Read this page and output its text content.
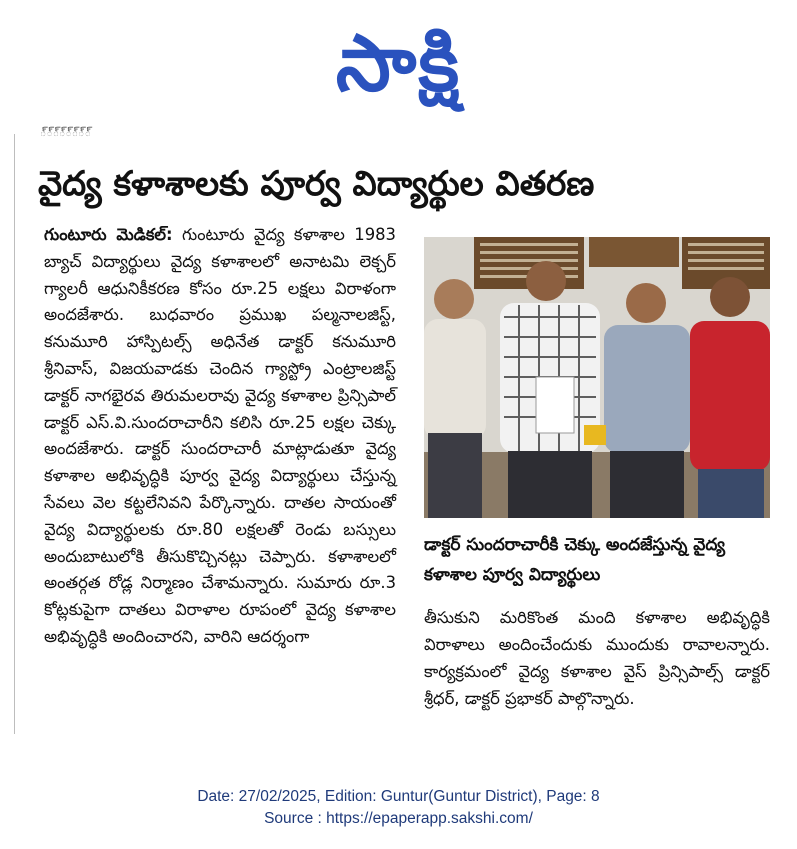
సాక్షి
్్్్్్్్
వైద్య కళాశాలకు పూర్వ విద్యార్థుల వితరణ

గుంటూరు మెడికల్: గుంటూరు వైద్య కళాశాల 1983 బ్యాచ్ విద్యార్థులు వైద్య కళాశాలలో అనాటమి లెక్చర్ గ్యాలరీ ఆధునికీకరణ కోసం రూ.25 లక్షలు విరాళంగా అందజేశారు. బుధవారం ప్రముఖ పల్మనాలజిస్ట్, కనుమూరి హాస్పిటల్స్ అధినేత డాక్టర్ కనుమూరి శ్రీనివాస్, విజయవాడకు చెందిన గ్యాస్ట్రో ఎంట్రాలజిస్ట్ డాక్టర్ నాగభైరవ తిరుమలరావు వైద్య కళాశాల ప్రిన్సిపాల్ డాక్టర్ ఎస్.వి.సుందరాచారీని కలిసి రూ.25 లక్షల చెక్కు అందజేశారు. డాక్టర్ సుందరాచారీ మాట్లాడుతూ వైద్య కళాశాల అభివృద్ధికి పూర్వ వైద్య విద్యార్థులు చేస్తున్న సేవలు వెల కట్టలేనివని పేర్కొన్నారు. దాతల సాయంతో వైద్య విద్యార్థులకు రూ.80 లక్షలతో రెండు బస్సులు అందుబాటులోకి తీసుకొచ్చినట్లు చెప్పారు. కళాశాలలో అంతర్గత రోడ్ల నిర్మాణం చేశామన్నారు. సుమారు రూ.3 కోట్లకుపైగా దాతలు విరాళాల రూపంలో వైద్య కళాశాల అభివృద్ధికి అందించారని, వారిని ఆదర్శంగా

డాక్టర్ సుందరాచారీకి చెక్కు అందజేస్తున్న వైద్య కళాశాల పూర్వ విద్యార్థులు

తీసుకుని మరికొంత మంది కళాశాల అభివృద్ధికి విరాళాలు అందించేందుకు ముందుకు రావాలన్నారు. కార్యక్రమంలో వైద్య కళాశాల వైస్ ప్రిన్సిపాల్స్ డాక్టర్ శ్రీధర్, డాక్టర్ ప్రభాకర్ పాల్గొన్నారు.

Date: 27/02/2025, Edition: Guntur(Guntur District), Page: 8
Source : https://epaperapp.sakshi.com/
